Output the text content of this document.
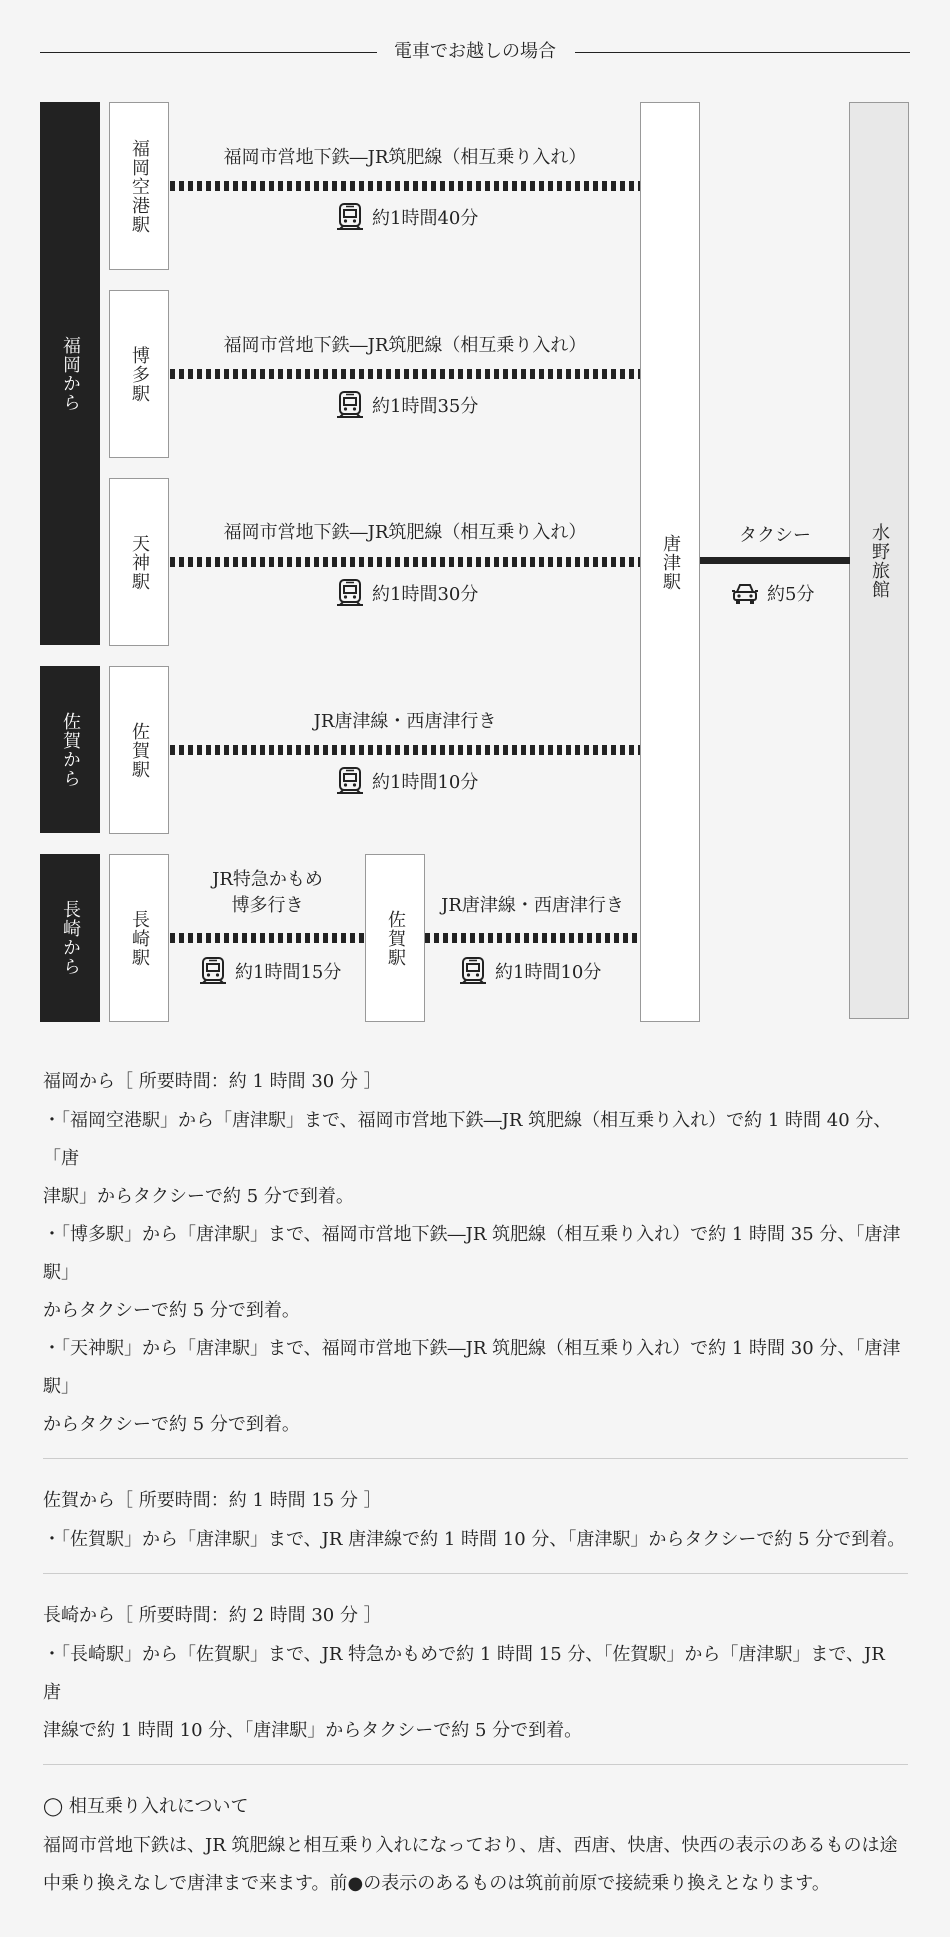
電車でお越しの場合
福岡から
佐賀から
長崎から
福岡空港駅
博多駅
天神駅
佐賀駅
長崎駅	佐賀駅
唐津駅	水野旅館
福岡市営地下鉄―JR筑肥線（相互乗り入れ）
約1時間40分
福岡市営地下鉄―JR筑肥線（相互乗り入れ）
約1時間35分
福岡市営地下鉄―JR筑肥線（相互乗り入れ）
約1時間30分
JR唐津線・西唐津行き
約1時間10分
JR特急かもめ
博多行き
約1時間15分
JR唐津線・西唐津行き
約1時間10分
タクシー
約5分
福岡から［ 所要時間：約 1 時間 30 分 ］
・「福岡空港駅」から「唐津駅」まで、福岡市営地下鉄―JR 筑肥線（相互乗り入れ）で約 1 時間 40 分、「唐
津駅」からタクシーで約 5 分で到着。
・「博多駅」から「唐津駅」まで、福岡市営地下鉄―JR 筑肥線（相互乗り入れ）で約 1 時間 35 分、「唐津駅」
からタクシーで約 5 分で到着。
・「天神駅」から「唐津駅」まで、福岡市営地下鉄―JR 筑肥線（相互乗り入れ）で約 1 時間 30 分、「唐津駅」
からタクシーで約 5 分で到着。
佐賀から［ 所要時間：約 1 時間 15 分 ］
・「佐賀駅」から「唐津駅」まで、JR 唐津線で約 1 時間 10 分、「唐津駅」からタクシーで約 5 分で到着。
長崎から［ 所要時間：約 2 時間 30 分 ］
・「長崎駅」から「佐賀駅」まで、JR 特急かもめで約 1 時間 15 分、「佐賀駅」から「唐津駅」まで、JR 唐
津線で約 1 時間 10 分、「唐津駅」からタクシーで約 5 分で到着。
◯ 相互乗り入れについて
福岡市営地下鉄は、JR 筑肥線と相互乗り入れになっており、唐、西唐、快唐、快西の表示のあるものは途
中乗り換えなしで唐津まで来ます。前●の表示のあるものは筑前前原で接続乗り換えとなります。
